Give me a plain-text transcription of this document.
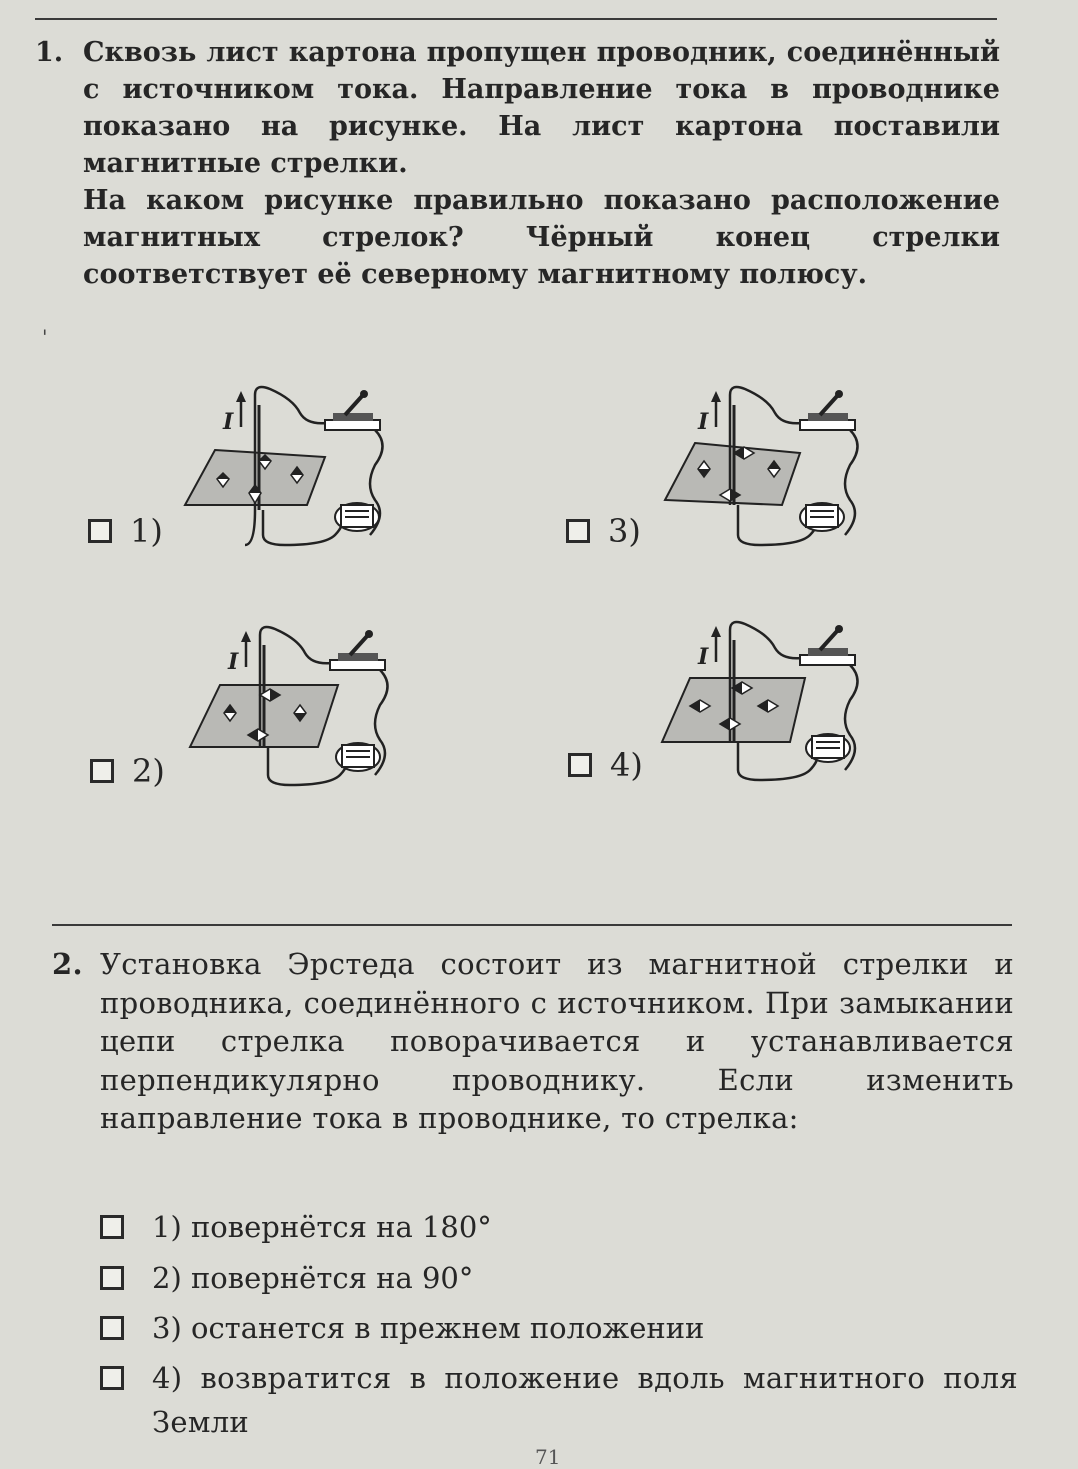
1. Сквозь лист картона пропущен проводник, соединённый с источником тока. Направление тока в проводнике показано на рисунке. На лист картона поставили магнитные стрелки.

На каком рисунке правильно показано расположение магнитных стрелок? Чёрный конец стрелки соответствует её северному магнитному полюсу.

'
1)	3)
2)	4)
I	I
I	I
2. Установка Эрстеда состоит из магнитной стрелки и проводника, соединённого с источником. При замыкании цепи стрелка поворачивается и устанавливается перпендикулярно проводнику. Если изменить направление тока в проводнике, то стрелка:

1) повернётся на 180°
2) повернётся на 90°
3) останется в прежнем положении
4) возвратится в положение вдоль магнитного поля Земли
71
